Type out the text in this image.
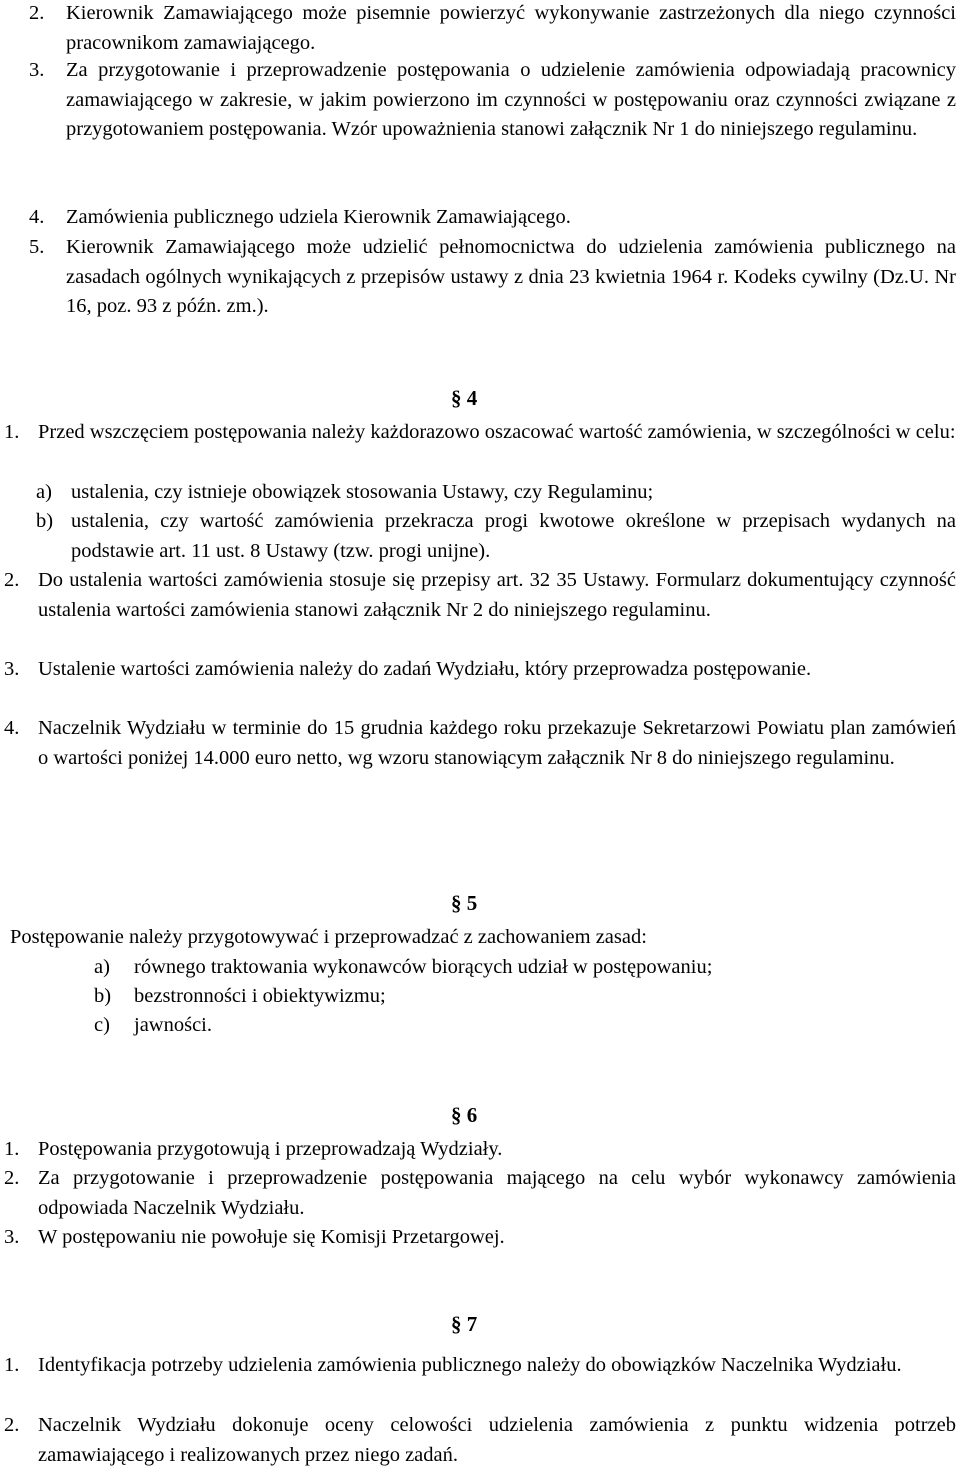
2. Kierownik Zamawiającego może pisemnie powierzyć wykonywanie zastrzeżonych dla niego czynności pracownikom zamawiającego.
3. Za przygotowanie i przeprowadzenie postępowania o udzielenie zamówienia odpowiadają pracownicy zamawiającego w zakresie, w jakim powierzono im czynności w postępowaniu oraz czynności związane z przygotowaniem postępowania. Wzór upoważnienia stanowi załącznik Nr 1 do niniejszego regulaminu.
4. Zamówienia publicznego udziela Kierownik Zamawiającego.
5. Kierownik Zamawiającego może udzielić pełnomocnictwa do udzielenia zamówienia publicznego na zasadach ogólnych wynikających z przepisów ustawy z dnia 23 kwietnia 1964 r. Kodeks cywilny (Dz.U. Nr 16, poz. 93 z późn. zm.).
§ 4
1. Przed wszczęciem postępowania należy każdorazowo oszacować wartość zamówienia, w szczególności w celu:
a) ustalenia, czy istnieje obowiązek stosowania Ustawy, czy Regulaminu;
b) ustalenia, czy wartość zamówienia przekracza progi kwotowe określone w przepisach wydanych na podstawie art. 11 ust. 8 Ustawy (tzw. progi unijne).
2. Do ustalenia wartości zamówienia stosuje się przepisy art. 32 35 Ustawy. Formularz dokumentujący czynność ustalenia wartości zamówienia stanowi załącznik Nr 2 do niniejszego regulaminu.
3. Ustalenie wartości zamówienia należy do zadań Wydziału, który przeprowadza postępowanie.
4. Naczelnik Wydziału w terminie do 15 grudnia każdego roku przekazuje Sekretarzowi Powiatu plan zamówień o wartości poniżej 14.000 euro netto, wg wzoru stanowiącym załącznik Nr 8 do niniejszego regulaminu.
§ 5
Postępowanie należy przygotowywać i przeprowadzać z zachowaniem zasad:
a) równego traktowania wykonawców biorących udział w postępowaniu;
b) bezstronności i obiektywizmu;
c) jawności.
§ 6
1. Postępowania przygotowują i przeprowadzają Wydziały.
2. Za przygotowanie i przeprowadzenie postępowania mającego na celu wybór wykonawcy zamówienia odpowiada Naczelnik Wydziału.
3. W postępowaniu nie powołuje się Komisji Przetargowej.
§ 7
1. Identyfikacja potrzeby udzielenia zamówienia publicznego należy do obowiązków Naczelnika Wydziału.
2. Naczelnik Wydziału dokonuje oceny celowości udzielenia zamówienia z punktu widzenia potrzeb zamawiającego i realizowanych przez niego zadań.
